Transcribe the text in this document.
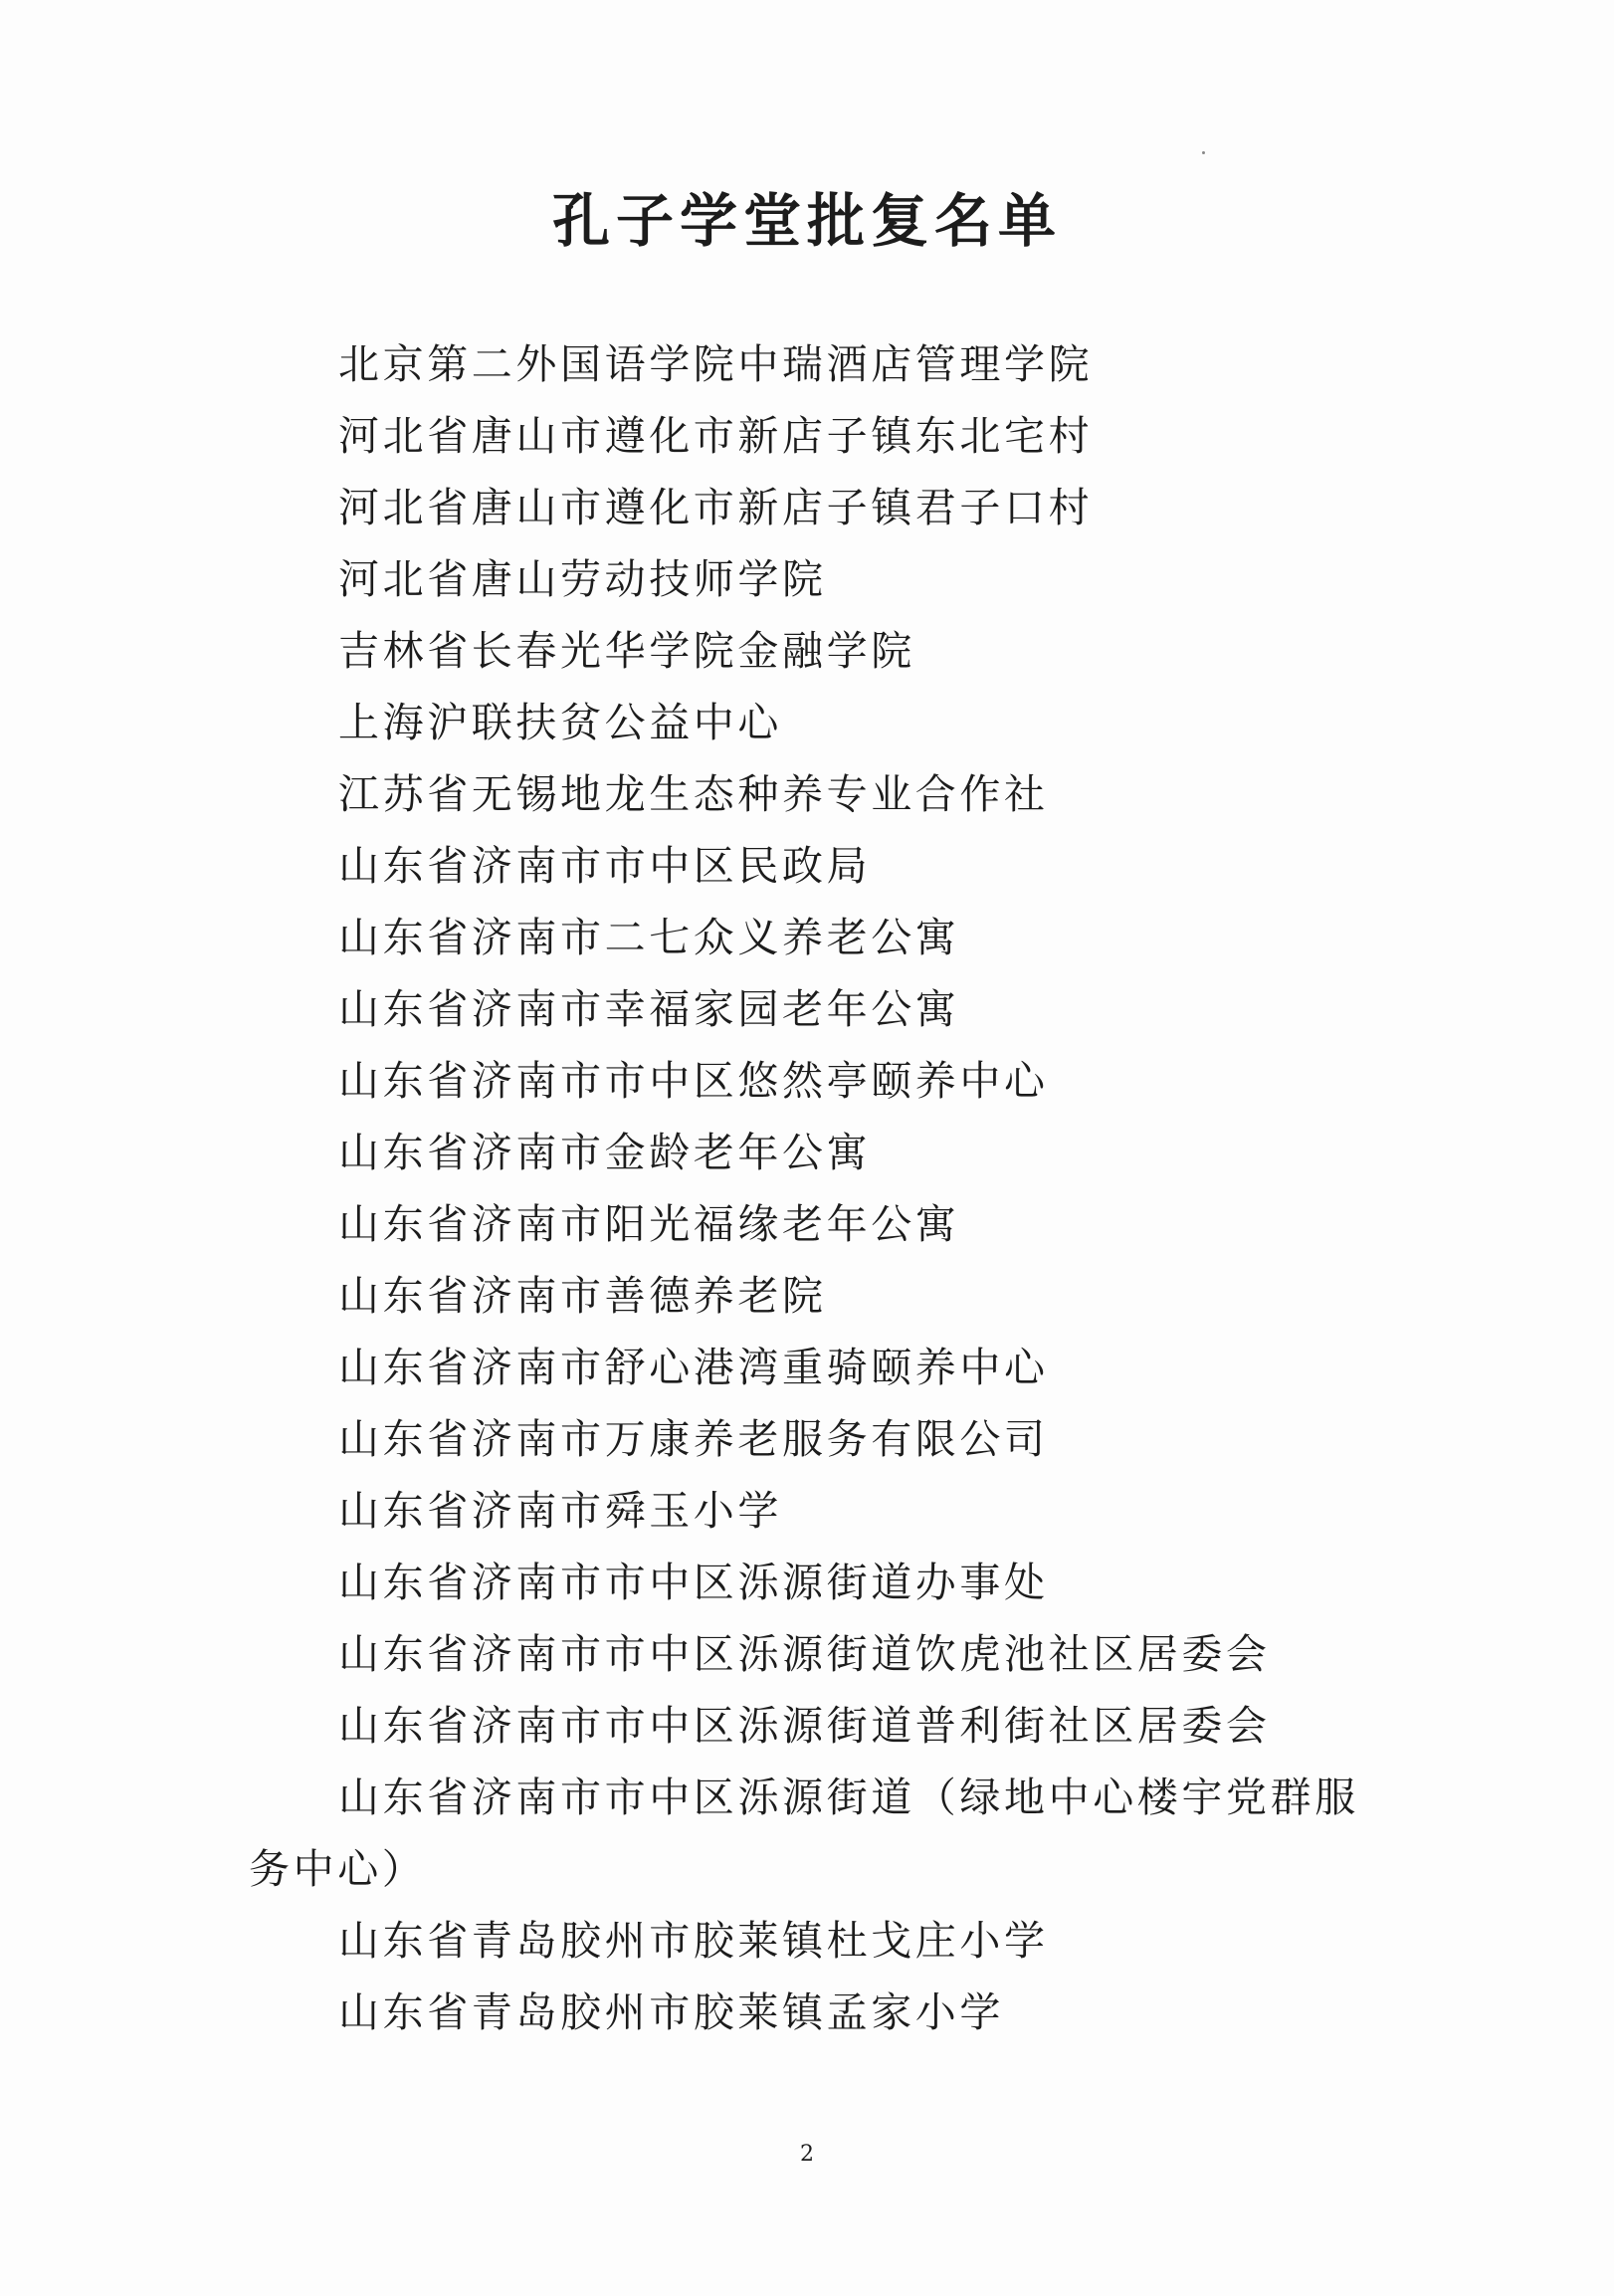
孔子学堂批复名单
北京第二外国语学院中瑞酒店管理学院
河北省唐山市遵化市新店子镇东北宅村
河北省唐山市遵化市新店子镇君子口村
河北省唐山劳动技师学院
吉林省长春光华学院金融学院
上海沪联扶贫公益中心
江苏省无锡地龙生态种养专业合作社
山东省济南市市中区民政局
山东省济南市二七众义养老公寓
山东省济南市幸福家园老年公寓
山东省济南市市中区悠然亭颐养中心
山东省济南市金龄老年公寓
山东省济南市阳光福缘老年公寓
山东省济南市善德养老院
山东省济南市舒心港湾重骑颐养中心
山东省济南市万康养老服务有限公司
山东省济南市舜玉小学
山东省济南市市中区泺源街道办事处
山东省济南市市中区泺源街道饮虎池社区居委会
山东省济南市市中区泺源街道普利街社区居委会
山东省济南市市中区泺源街道（绿地中心楼宇党群服
务中心）
山东省青岛胶州市胶莱镇杜戈庄小学
山东省青岛胶州市胶莱镇孟家小学
2
